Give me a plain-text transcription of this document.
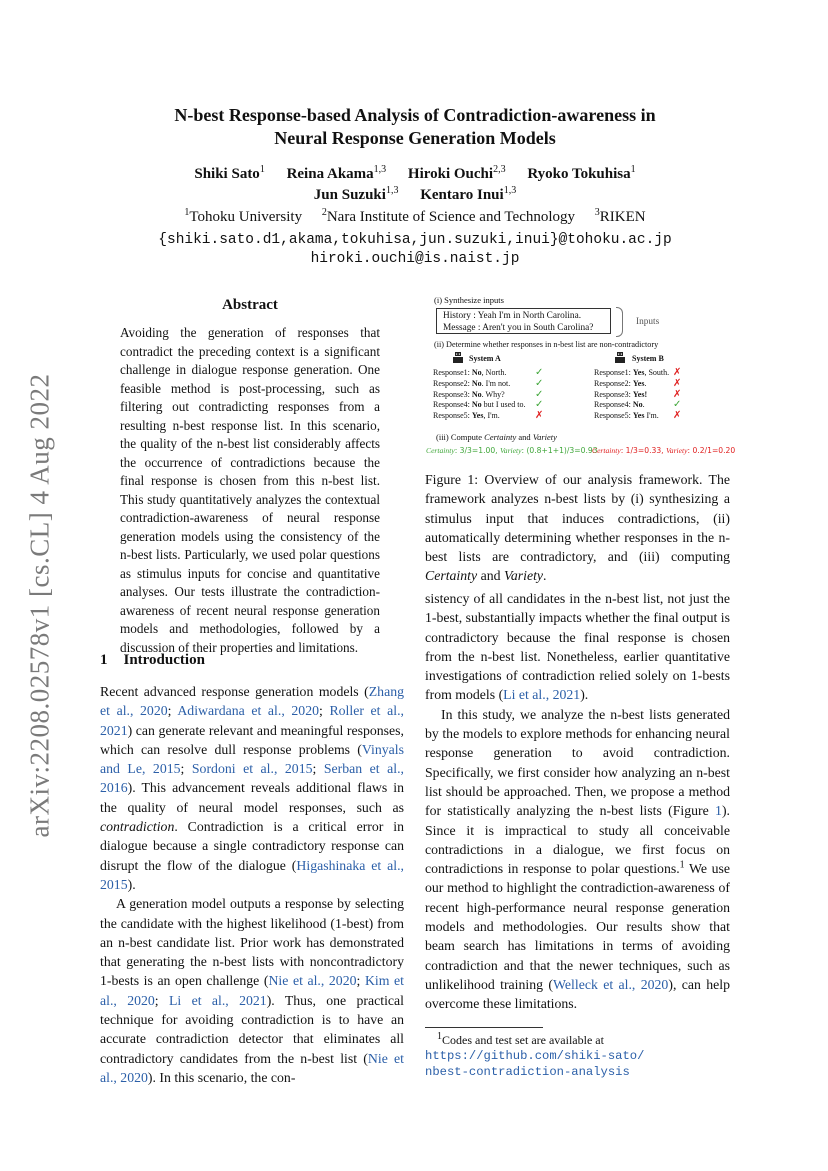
arXiv:2208.02578v1 [cs.CL] 4 Aug 2022
N-best Response-based Analysis of Contradiction-awareness in
Neural Response Generation Models
Shiki Sato$^1$ Reina Akama$^{1,3}$ Hiroki Ouchi$^{2,3}$ Ryoko Tokuhisa$^1$
Jun Suzuki$^{1,3}$ Kentaro Inui$^{1,3}$
$^1$Tohoku University $^2$Nara Institute of Science and Technology $^3$RIKEN
{shiki.sato.d1,akama,tokuhisa,jun.suzuki,inui}@tohoku.ac.jp
hiroki.ouchi@is.naist.jp
Abstract

Avoiding the generation of responses that contradict the preceding context is a significant challenge in dialogue response generation. One feasible method is post-processing, such as filtering out contradicting responses from a resulting n-best response list. In this scenario, the quality of the n-best list considerably affects the occurrence of contradictions because the final response is chosen from this n-best list. This study quantitatively analyzes the contextual contradiction-awareness of neural response generation models using the consistency of the n-best lists. Particularly, we used polar questions as stimulus inputs for concise and quantitative analyses. Our tests illustrate the contradiction-awareness of recent neural response generation models and methodologies, followed by a discussion of their properties and limitations.

1 Introduction

Recent advanced response generation models (Zhang et al., 2020; Adiwardana et al., 2020; Roller et al., 2021) can generate relevant and meaningful responses, which can resolve dull response problems (Vinyals and Le, 2015; Sordoni et al., 2015; Serban et al., 2016). This advancement reveals additional flaws in the quality of neural model responses, such as contradiction. Contradiction is a critical error in dialogue because a single contradictory response can disrupt the flow of the dialogue (Higashinaka et al., 2015).

A generation model outputs a response by selecting the candidate with the highest likelihood (1-best) from an n-best candidate list. Prior work has demonstrated that generating the n-best lists with noncontradictory 1-bests is an open challenge (Nie et al., 2020; Kim et al., 2020; Li et al., 2021). Thus, one practical technique for avoiding contradiction is to have an accurate contradiction detector that eliminates all contradictory candidates from the n-best list (Nie et al., 2020). In this scenario, the con-

(i) Synthesize inputs
History : Yeah I'm in North Carolina.
Message : Aren't you in South Carolina?
Inputs
(ii) Determine whether responses in n-best list are non-contradictory
System A	System B
Response1: No, North.	✓
Response2: No. I'm not. ✓
Response3: No. Why?	✓
Response4: No but I used to. ✓
Response5: Yes, I'm.	✗
Response1: Yes, South. ✗
Response2: Yes.	✗
Response3: Yes!	✗
Response4: No.	✓
Response5: Yes I'm. ✗
(iii) Compute Certainty and Variety
Certainty: 3/3=1.00, Variety: (0.8+1+1)/3=0.93
Certainty: 1/3=0.33, Variety: 0.2/1=0.20
Figure 1: Overview of our analysis framework. The framework analyzes n-best lists by (i) synthesizing a stimulus input that induces contradictions, (ii) automatically determining whether responses in the n-best lists are contradictory, and (iii) computing Certainty and Variety.

sistency of all candidates in the n-best list, not just the 1-best, substantially impacts whether the final output is contradictory because the final response is chosen from the n-best list. Nonetheless, earlier quantitative investigations of contradiction relied solely on 1-bests from models (Li et al., 2021).

In this study, we analyze the n-best lists generated by the models to explore methods for enhancing neural response generation to avoid contradiction. Specifically, we first consider how analyzing an n-best list should be approached. Then, we propose a method for statistically analyzing the n-best lists (Figure 1). Since it is impractical to study all conceivable contradictions in a dialogue, we first focus on contradictions in response to polar questions.$^1$ We use our method to highlight the contradiction-awareness of recent high-performance neural response generation models and methodologies. Our results show that beam search has limitations in terms of avoiding contradiction and that the newer techniques, such as unlikelihood training (Welleck et al., 2020), can help overcome these limitations.

$^1$Codes and test set are available at
https://github.com/shiki-sato/
nbest-contradiction-analysis
